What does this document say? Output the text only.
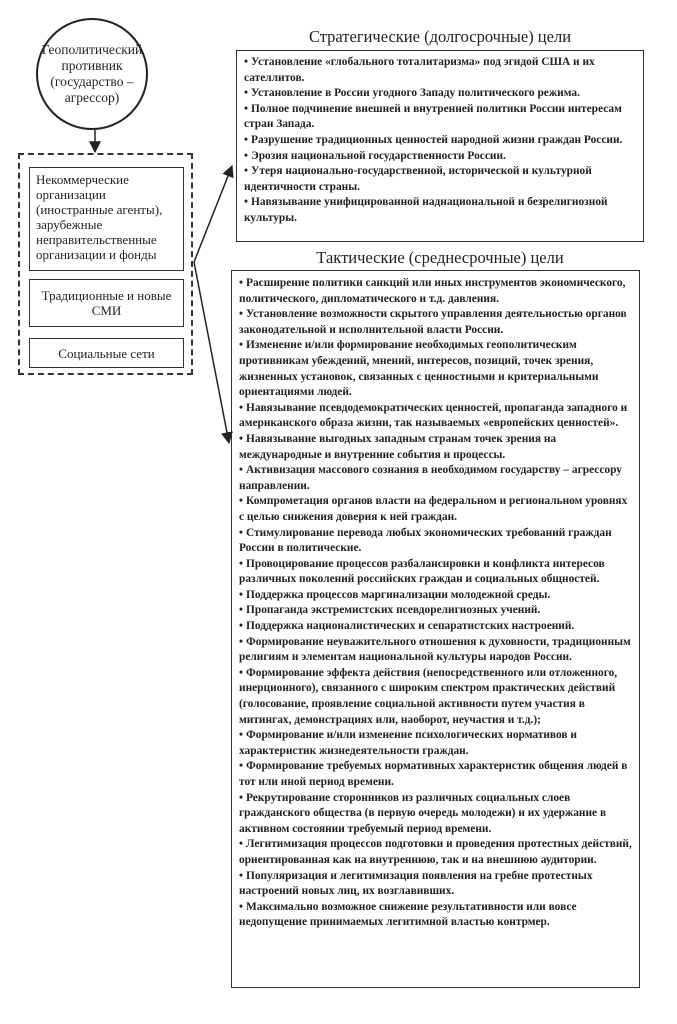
Геополитический противник (государство – агрессор)
Некоммерческие организации (иностранные агенты), зарубежные неправительственные организации и фонды
Традиционные и новые СМИ
Социальные сети
Стратегические (долгосрочные) цели
• Установление «глобального тоталитаризма» под эгидой США и их сателлитов.
• Установление в России угодного Западу политического режима.
• Полное подчинение внешней и внутренней политики России интересам стран Запада.
• Разрушение традиционных ценностей народной жизни граждан России.
• Эрозия национальной государственности России.
• Утеря национально-государственной, исторической и культурной идентичности страны.
• Навязывание унифицированной наднациональной и безрелигиозной культуры.
Тактические (среднесрочные) цели
• Расширение политики санкций или иных инструментов экономического, политического, дипломатического и т.д. давления.
• Установление возможности скрытого управления деятельностью органов законодательной и исполнительной власти России.
• Изменение и/или формирование необходимых геополитическим противникам убеждений, мнений, интересов, позиций, точек зрения, жизненных установок, связанных с ценностными и критериальными ориентациями людей.
• Навязывание псевдодемократических ценностей, пропаганда западного и американского образа жизни, так называемых «европейских ценностей».
• Навязывание выгодных западным странам точек зрения на международные и внутренние события и процессы.
• Активизация массового сознания в необходимом государству – агрессору направлении.
• Компрометация органов власти на федеральном и региональном уровнях с целью снижения доверия к ней граждан.
• Стимулирование перевода любых экономических требований граждан России в политические.
• Провоцирование процессов разбалансировки и конфликта интересов различных поколений российских граждан и социальных общностей.
• Поддержка процессов маргинализации молодежной среды.
• Пропаганда экстремистских псевдорелигиозных учений.
• Поддержка националистических и сепаратистских настроений.
• Формирование неуважительного отношения к духовности, традиционным религиям и элементам национальной культуры народов России.
• Формирование эффекта действия (непосредственного или отложенного, инерционного), связанного с широким спектром практических действий (голосование, проявление социальной активности путем участия в митингах, демонстрациях или, наоборот, неучастия и т.д.);
• Формирование и/или изменение психологических нормативов и характеристик жизнедеятельности граждан.
• Формирование требуемых нормативных характеристик общения людей в тот или иной период времени.
• Рекрутирование сторонников из различных социальных слоев гражданского общества (в первую очередь молодежи) и их удержание в активном состоянии требуемый период времени.
• Легитимизация процессов подготовки и проведения протестных действий, ориентированная как на внутреннюю, так и на внешнюю аудитории.
• Популяризация и легитимизация появления на гребне протестных настроений новых лиц, их возглавивших.
• Максимально возможное снижение результативности или вовсе недопущение принимаемых легитимной властью контрмер.
